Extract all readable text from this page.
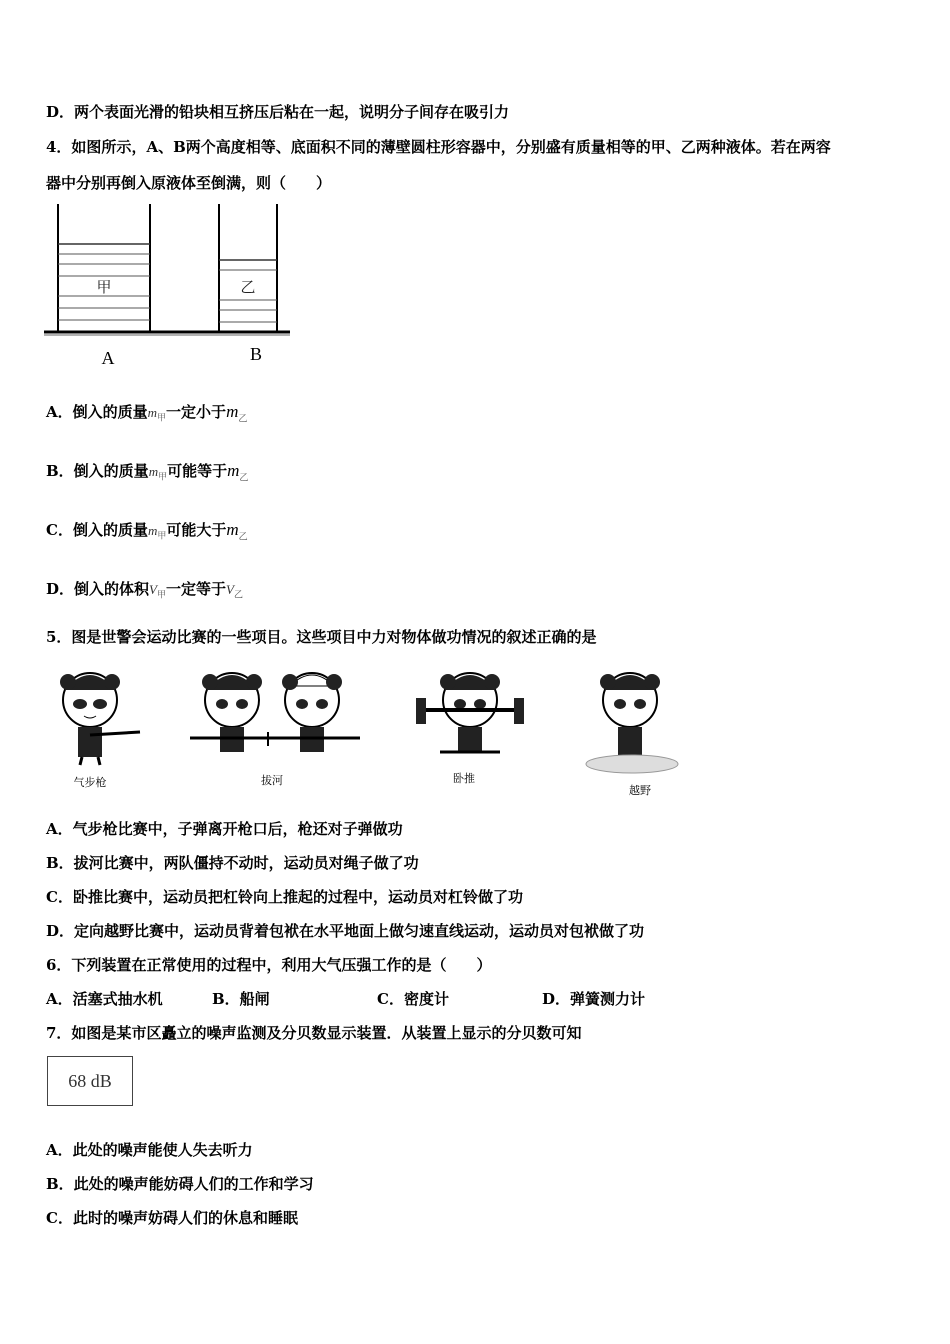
D．两个表面光滑的铅块相互挤压后粘在一起，说明分子间存在吸引力
4．如图所示，A、B两个高度相等、底面积不同的薄壁圆柱形容器中，分别盛有质量相等的甲、乙两种液体。若在两容
器中分别再倒入原液体至倒满，则（　　）
甲	乙
A	B
A．倒入的质量$m_甲$一定小于$m_乙$
B．倒入的质量$m_甲$可能等于$m_乙$
C．倒入的质量$m_甲$可能大于$m_乙$
D．倒入的体积$V_甲$一定等于$V_乙$
5．图是世警会运动比赛的一些项目。这些项目中力对物体做功情况的叙述正确的是
气步枪	拔河	卧推
越野
A．气步枪比赛中，子弹离开枪口后，枪还对子弹做功
B．拔河比赛中，两队僵持不动时，运动员对绳子做了功
C．卧推比赛中，运动员把杠铃向上推起的过程中，运动员对杠铃做了功
D．定向越野比赛中，运动员背着包袱在水平地面上做匀速直线运动，运动员对包袱做了功
6．下列装置在正常使用的过程中，利用大气压强工作的是（　　）
A．活塞式抽水机	B．船闸	C．密度计	D．弹簧测力计
7．如图是某市区矗立的噪声监测及分贝数显示装置．从装置上显示的分贝数可知
68 dB
A．此处的噪声能使人失去听力
B．此处的噪声能妨碍人们的工作和学习
C．此时的噪声妨碍人们的休息和睡眠
